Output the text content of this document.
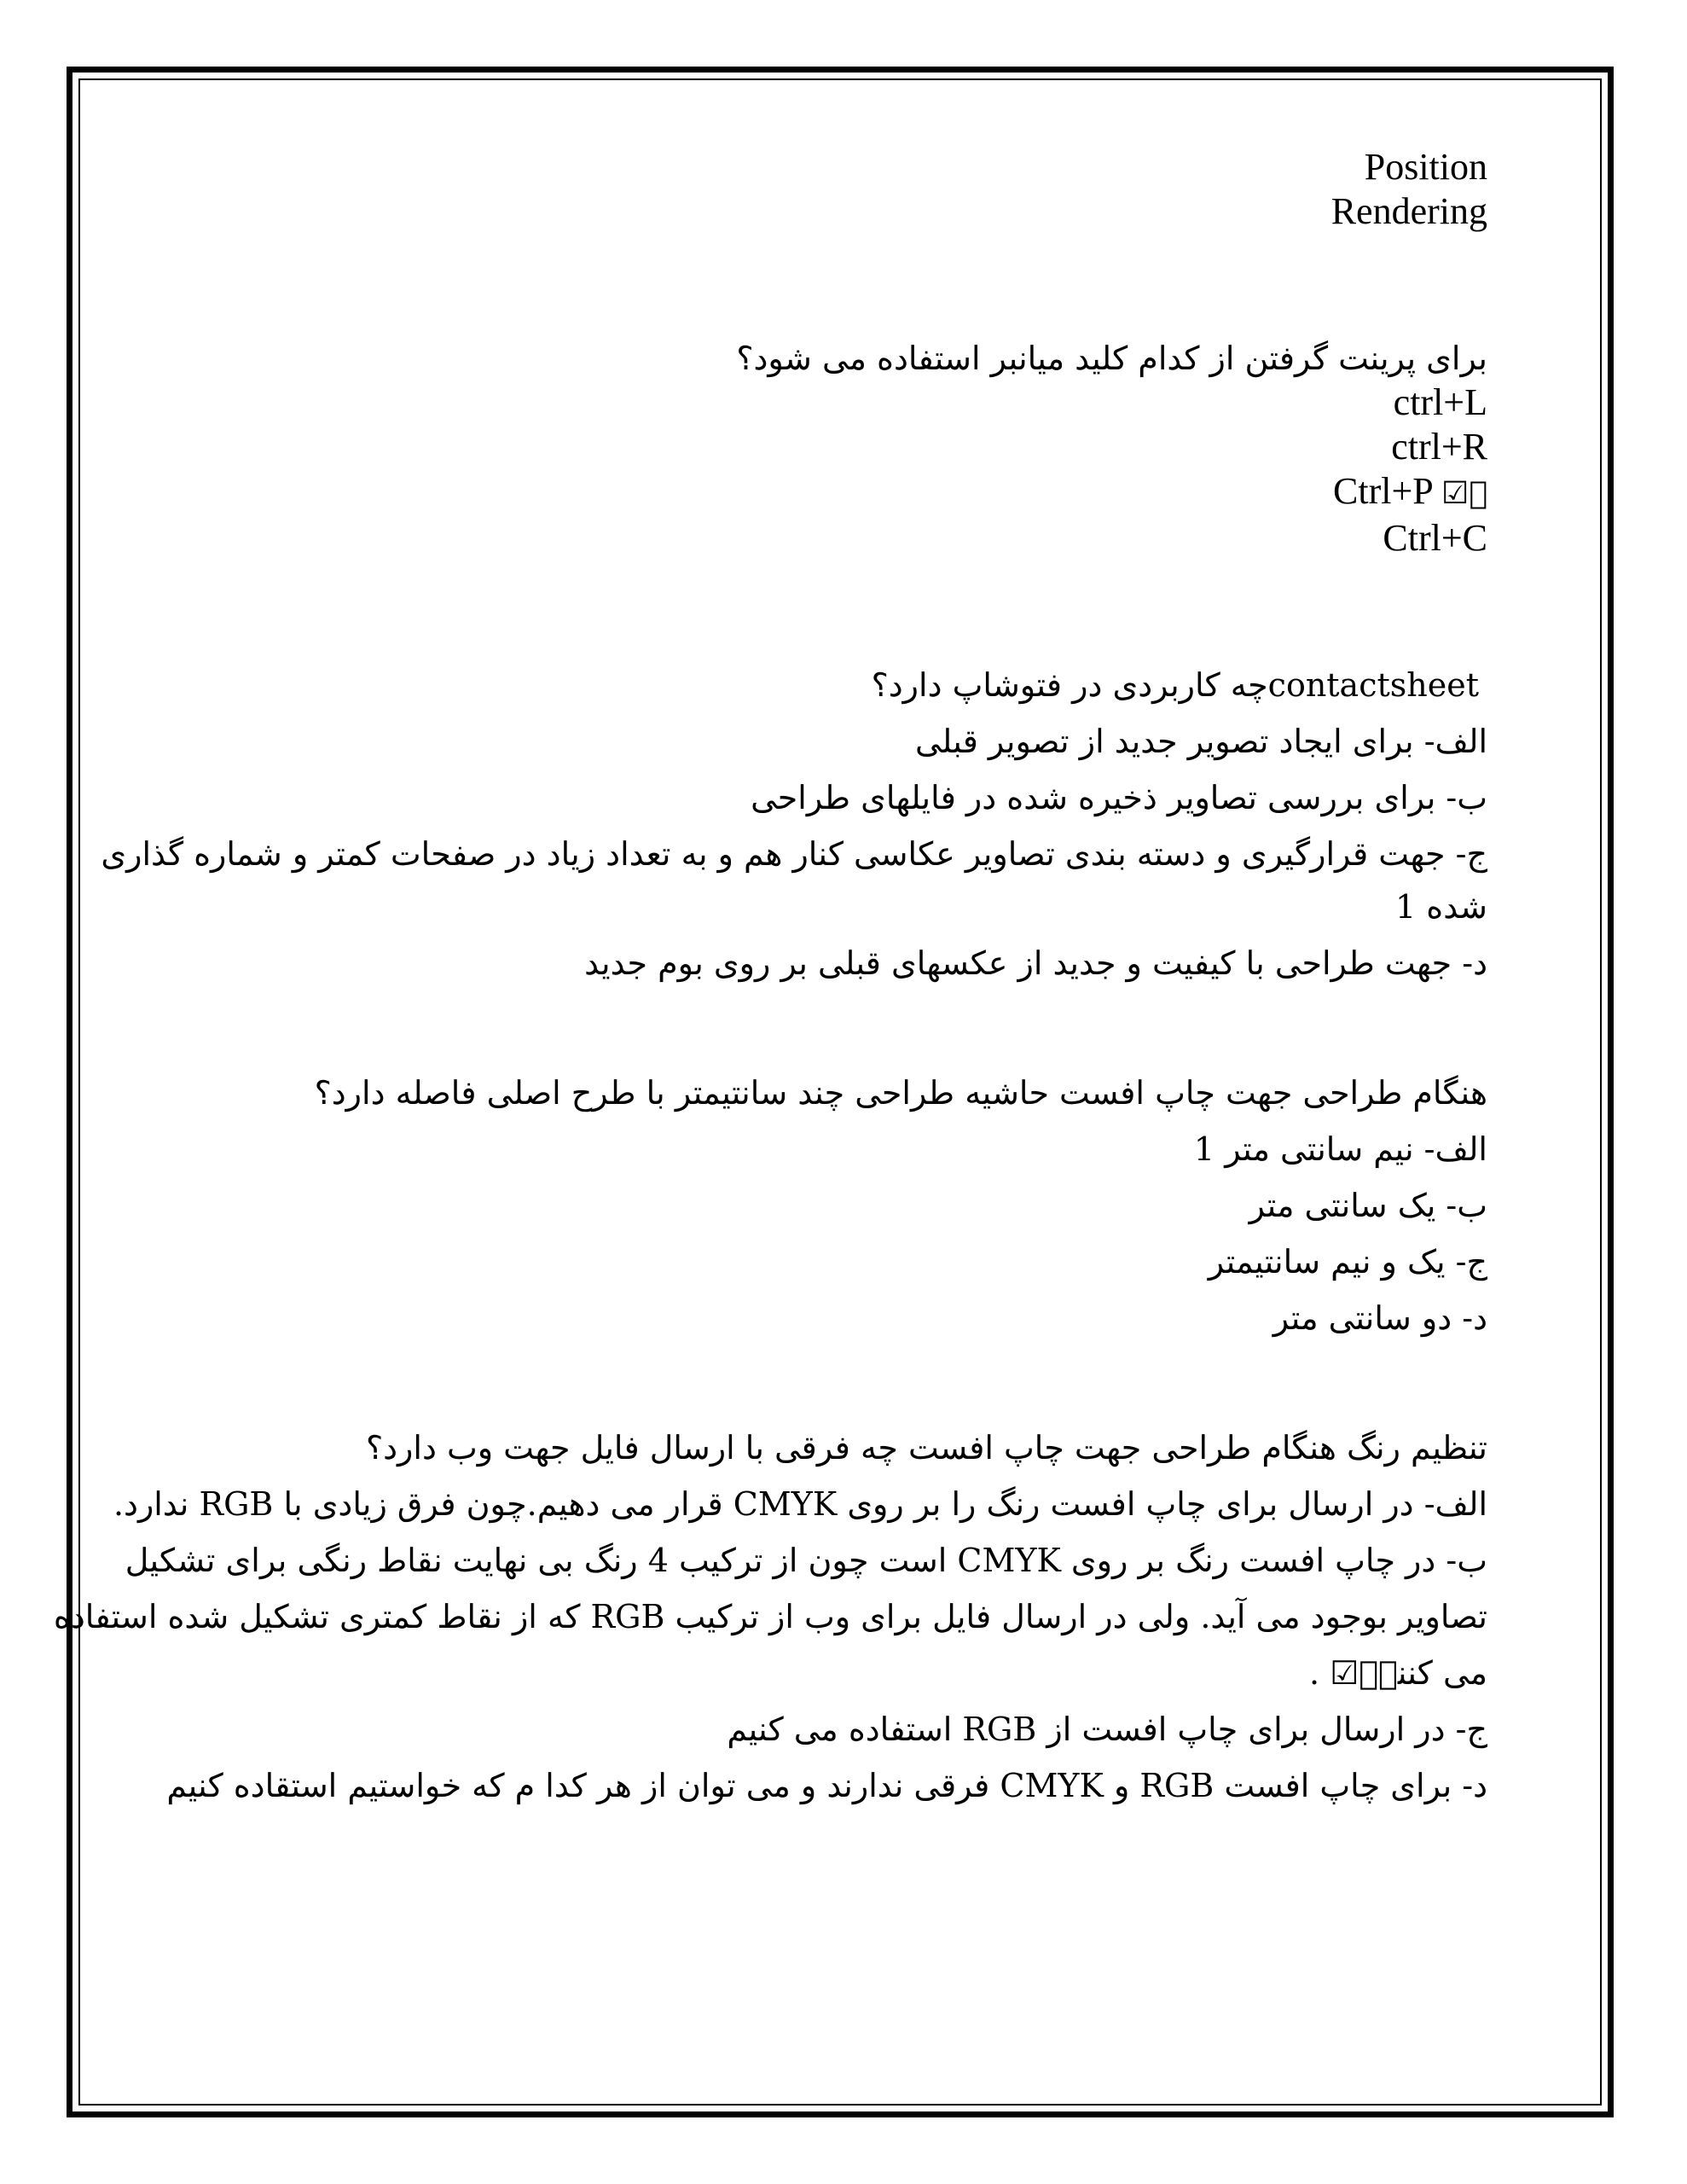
Position
Rendering
برای پرینت گرفتن از کدام کلید میانبر استفاده می شود؟
ctrl+L
ctrl+R
Ctrl+P ☑⃞
Ctrl+C
contactsheetچه کاربردی در فتوشاپ دارد؟
الف- برای ایجاد تصویر جدید از تصویر قبلی
ب- برای بررسی تصاویر ذخیره شده در فایلهای طراحی
ج- جهت قرارگیری و دسته بندی تصاویر عکاسی کنار هم و به تعداد زیاد در صفحات کمتر و شماره گذاری
شده 1
د- جهت طراحی با کیفیت و جدید از عکسهای قبلی بر روی بوم جدید
هنگام طراحی جهت چاپ افست حاشیه طراحی چند سانتیمتر با طرح اصلی فاصله دارد؟
الف- نیم سانتی متر 1
ب- یک سانتی متر
ج- یک و نیم سانتیمتر
د- دو سانتی متر
تنظیم رنگ هنگام طراحی جهت چاپ افست چه فرقی با ارسال فایل جهت وب دارد؟
الف- در ارسال برای چاپ افست رنگ را بر روی CMYK قرار می دهیم.چون فرق زیادی با RGB ندارد.
ب- در چاپ افست رنگ بر روی CMYK است چون از ترکیب 4 رنگ بی نهایت نقاط رنگی برای تشکیل
تصاویر بوجود می آید. ولی در ارسال فایل برای وب از ترکیب RGB که از نقاط کمتری تشکیل شده استفاده
می کنند⃞☑ .
ج- در ارسال برای چاپ افست از RGB استفاده می کنیم
د- برای چاپ افست RGB و CMYK فرقی ندارند و می توان از هر کدا م که خواستیم استقاده کنیم
